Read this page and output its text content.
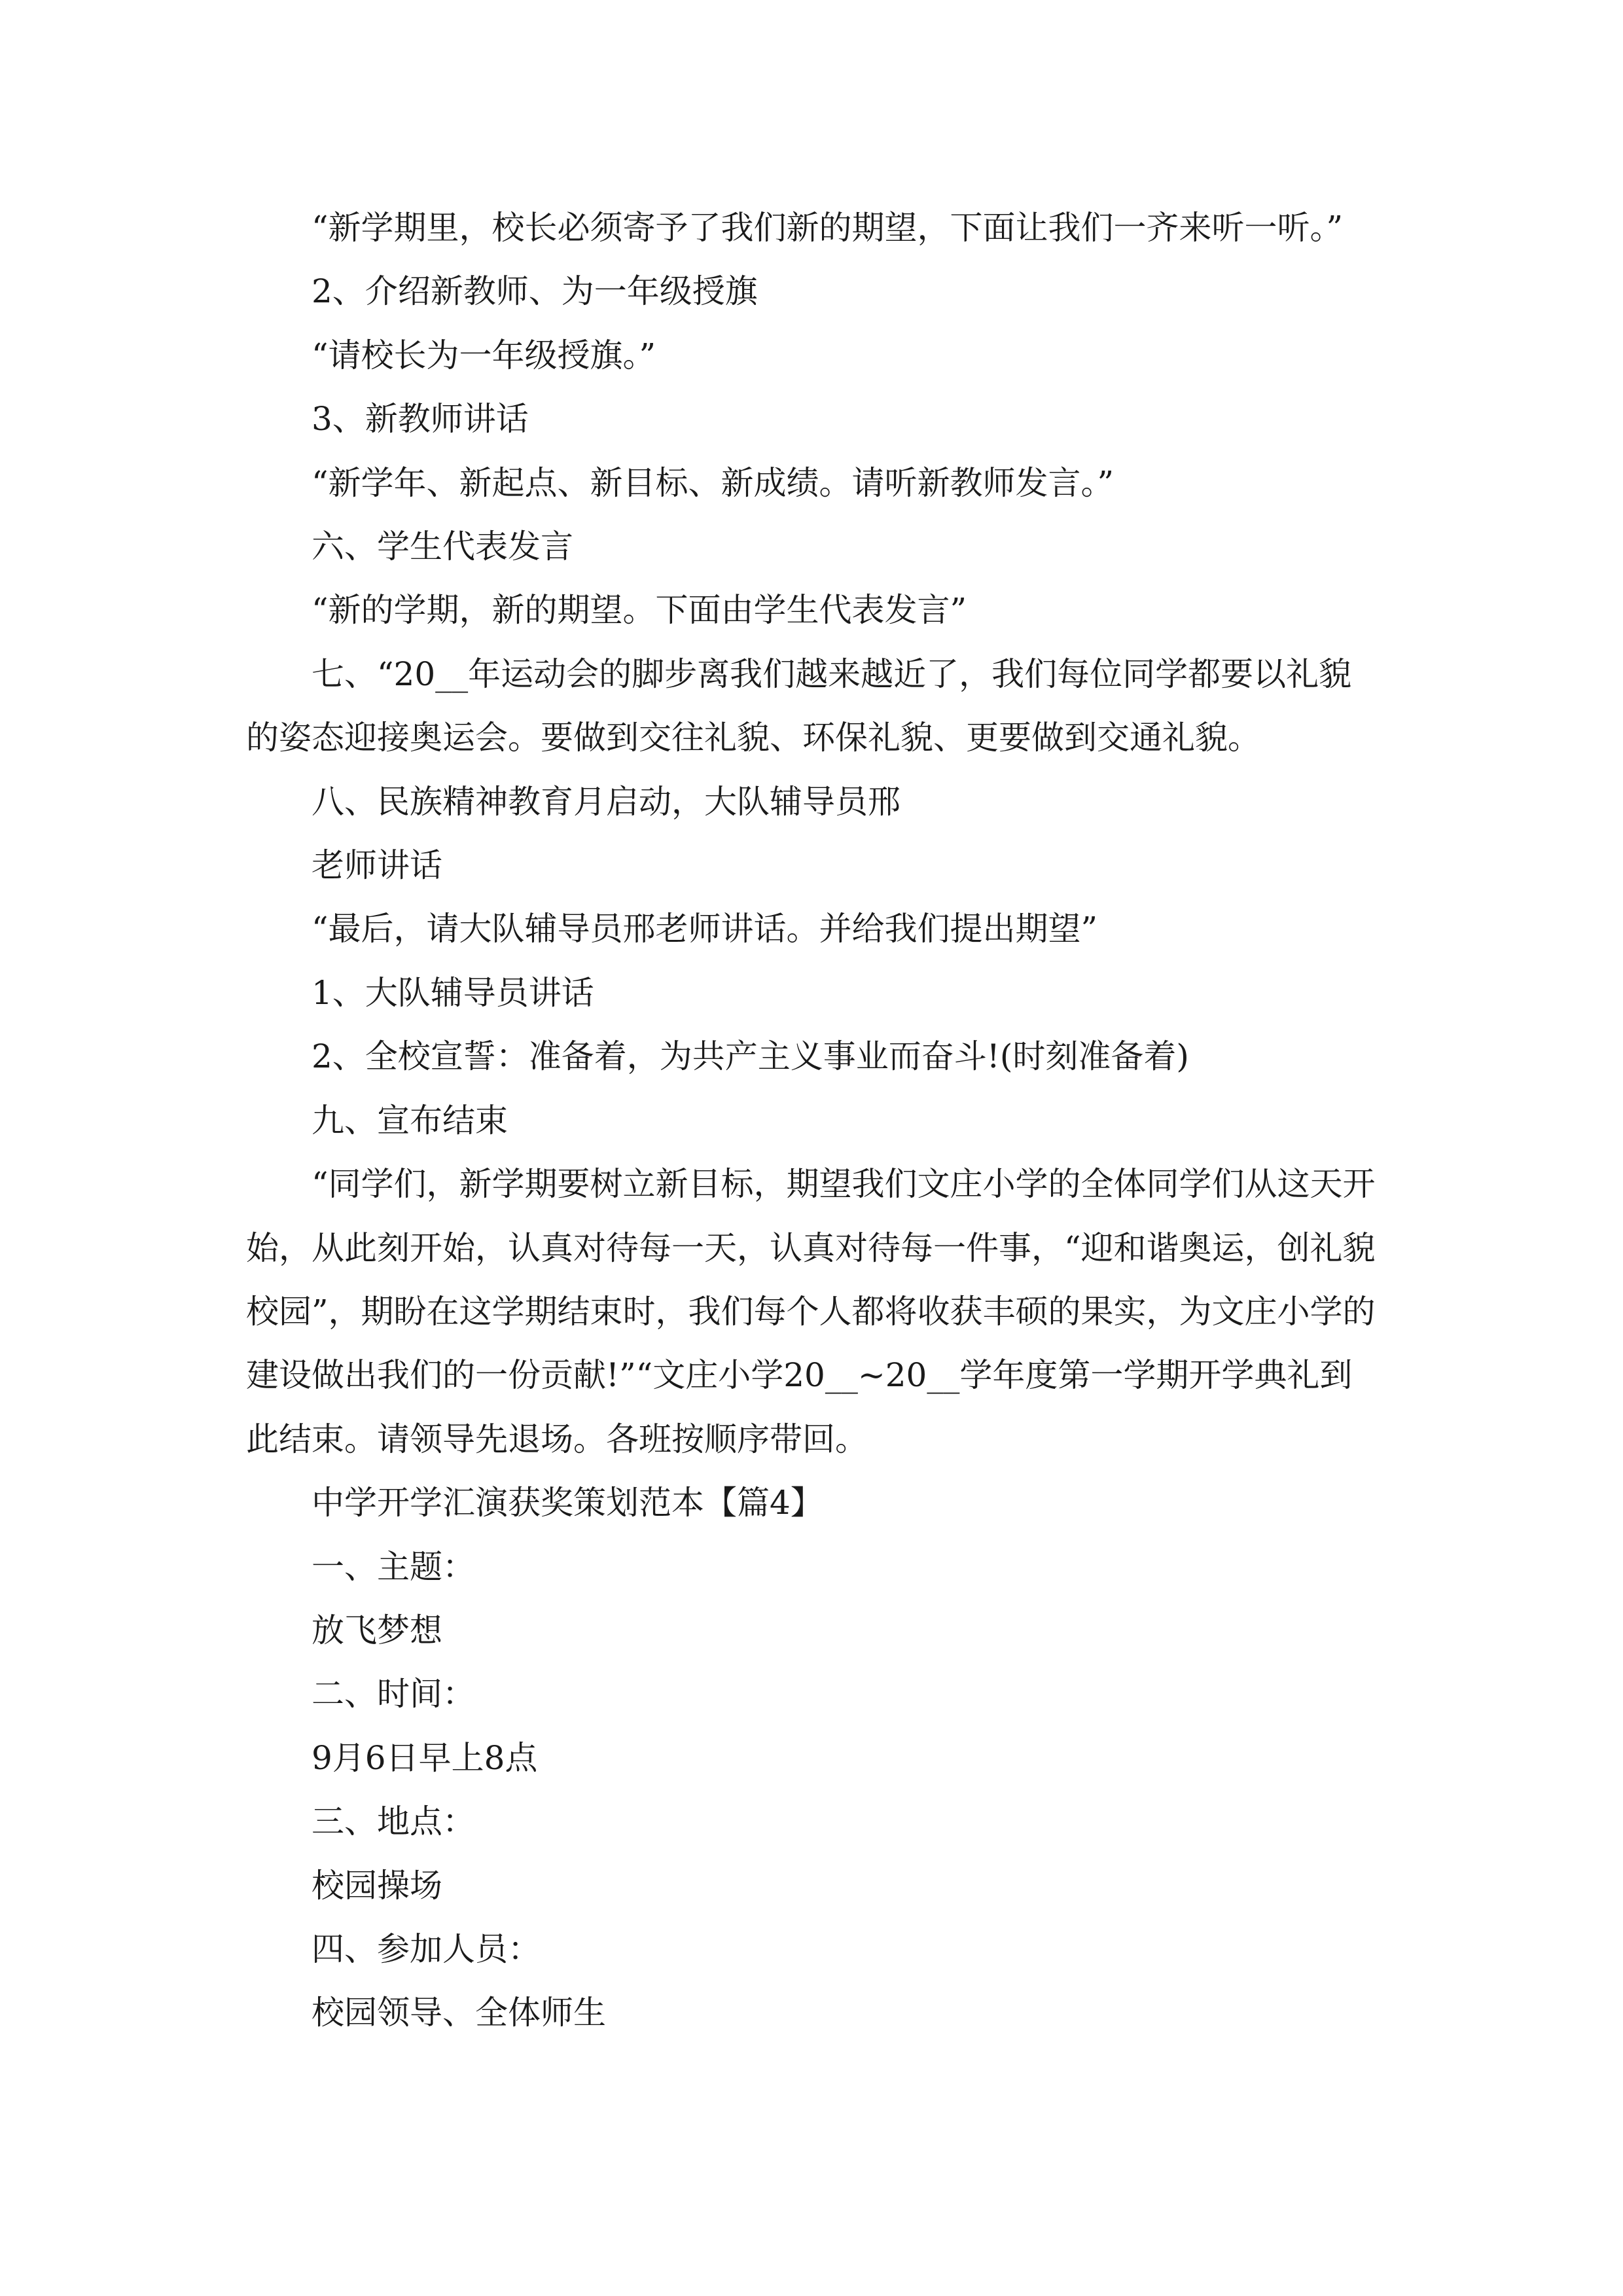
“新学期里，校长必须寄予了我们新的期望，下面让我们一齐来听一听。”

2、介绍新教师、为一年级授旗

“请校长为一年级授旗。”

3、新教师讲话

“新学年、新起点、新目标、新成绩。请听新教师发言。”

六、学生代表发言

“新的学期，新的期望。下面由学生代表发言”

七、“20__年运动会的脚步离我们越来越近了，我们每位同学都要以礼貌的姿态迎接奥运会。要做到交往礼貌、环保礼貌、更要做到交通礼貌。

八、民族精神教育月启动，大队辅导员邢

老师讲话

“最后，请大队辅导员邢老师讲话。并给我们提出期望”

1、大队辅导员讲话

2、全校宣誓：准备着，为共产主义事业而奋斗!(时刻准备着)

九、宣布结束

“同学们，新学期要树立新目标，期望我们文庄小学的全体同学们从这天开始，从此刻开始，认真对待每一天，认真对待每一件事，“迎和谐奥运，创礼貌校园”，期盼在这学期结束时，我们每个人都将收获丰硕的果实，为文庄小学的建设做出我们的一份贡献!”“文庄小学20__~20__学年度第一学期开学典礼到此结束。请领导先退场。各班按顺序带回。

中学开学汇演获奖策划范本【篇4】

一、主题：

放飞梦想

二、时间：

9月6日早上8点

三、地点：

校园操场

四、参加人员：

校园领导、全体师生
